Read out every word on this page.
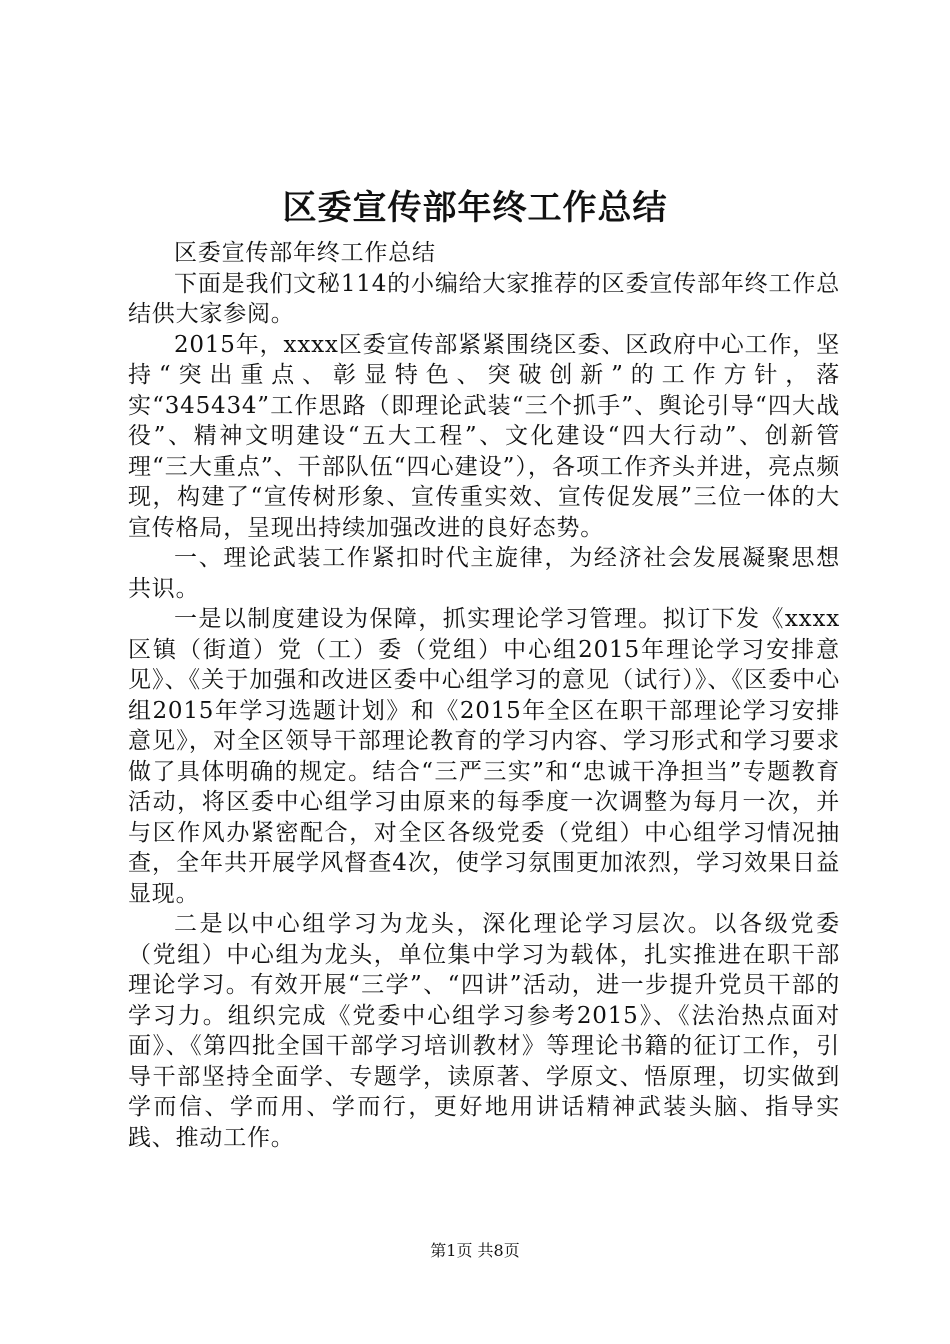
区委宣传部年终工作总结

区委宣传部年终工作总结

下面是我们文秘114的小编给大家推荐的区委宣传部年终工作总结供大家参阅。

2015年，xxxx区委宣传部紧紧围绕区委、区政府中心工作，坚持“突出重点、彰显特色、突破创新”的工作方针，落实“345434”工作思路（即理论武装“三个抓手”、舆论引导“四大战役”、精神文明建设“五大工程”、文化建设“四大行动”、创新管理“三大重点”、干部队伍“四心建设”），各项工作齐头并进，亮点频现，构建了“宣传树形象、宣传重实效、宣传促发展”三位一体的大宣传格局，呈现出持续加强改进的良好态势。

一、理论武装工作紧扣时代主旋律，为经济社会发展凝聚思想共识。

一是以制度建设为保障，抓实理论学习管理。拟订下发《xxxx区镇（街道）党（工）委（党组）中心组2015年理论学习安排意见》、《关于加强和改进区委中心组学习的意见（试行）》、《区委中心组2015年学习选题计划》和《2015年全区在职干部理论学习安排意见》，对全区领导干部理论教育的学习内容、学习形式和学习要求做了具体明确的规定。结合“三严三实”和“忠诚干净担当”专题教育活动，将区委中心组学习由原来的每季度一次调整为每月一次，并与区作风办紧密配合，对全区各级党委（党组）中心组学习情况抽查，全年共开展学风督查4次，使学习氛围更加浓烈，学习效果日益显现。

二是以中心组学习为龙头，深化理论学习层次。以各级党委（党组）中心组为龙头，单位集中学习为载体，扎实推进在职干部理论学习。有效开展“三学”、“四讲”活动，进一步提升党员干部的学习力。组织完成《党委中心组学习参考2015》、《法治热点面对面》、《第四批全国干部学习培训教材》等理论书籍的征订工作，引导干部坚持全面学、专题学，读原著、学原文、悟原理，切实做到学而信、学而用、学而行，更好地用讲话精神武装头脑、指导实践、推动工作。

第1页 共8页
